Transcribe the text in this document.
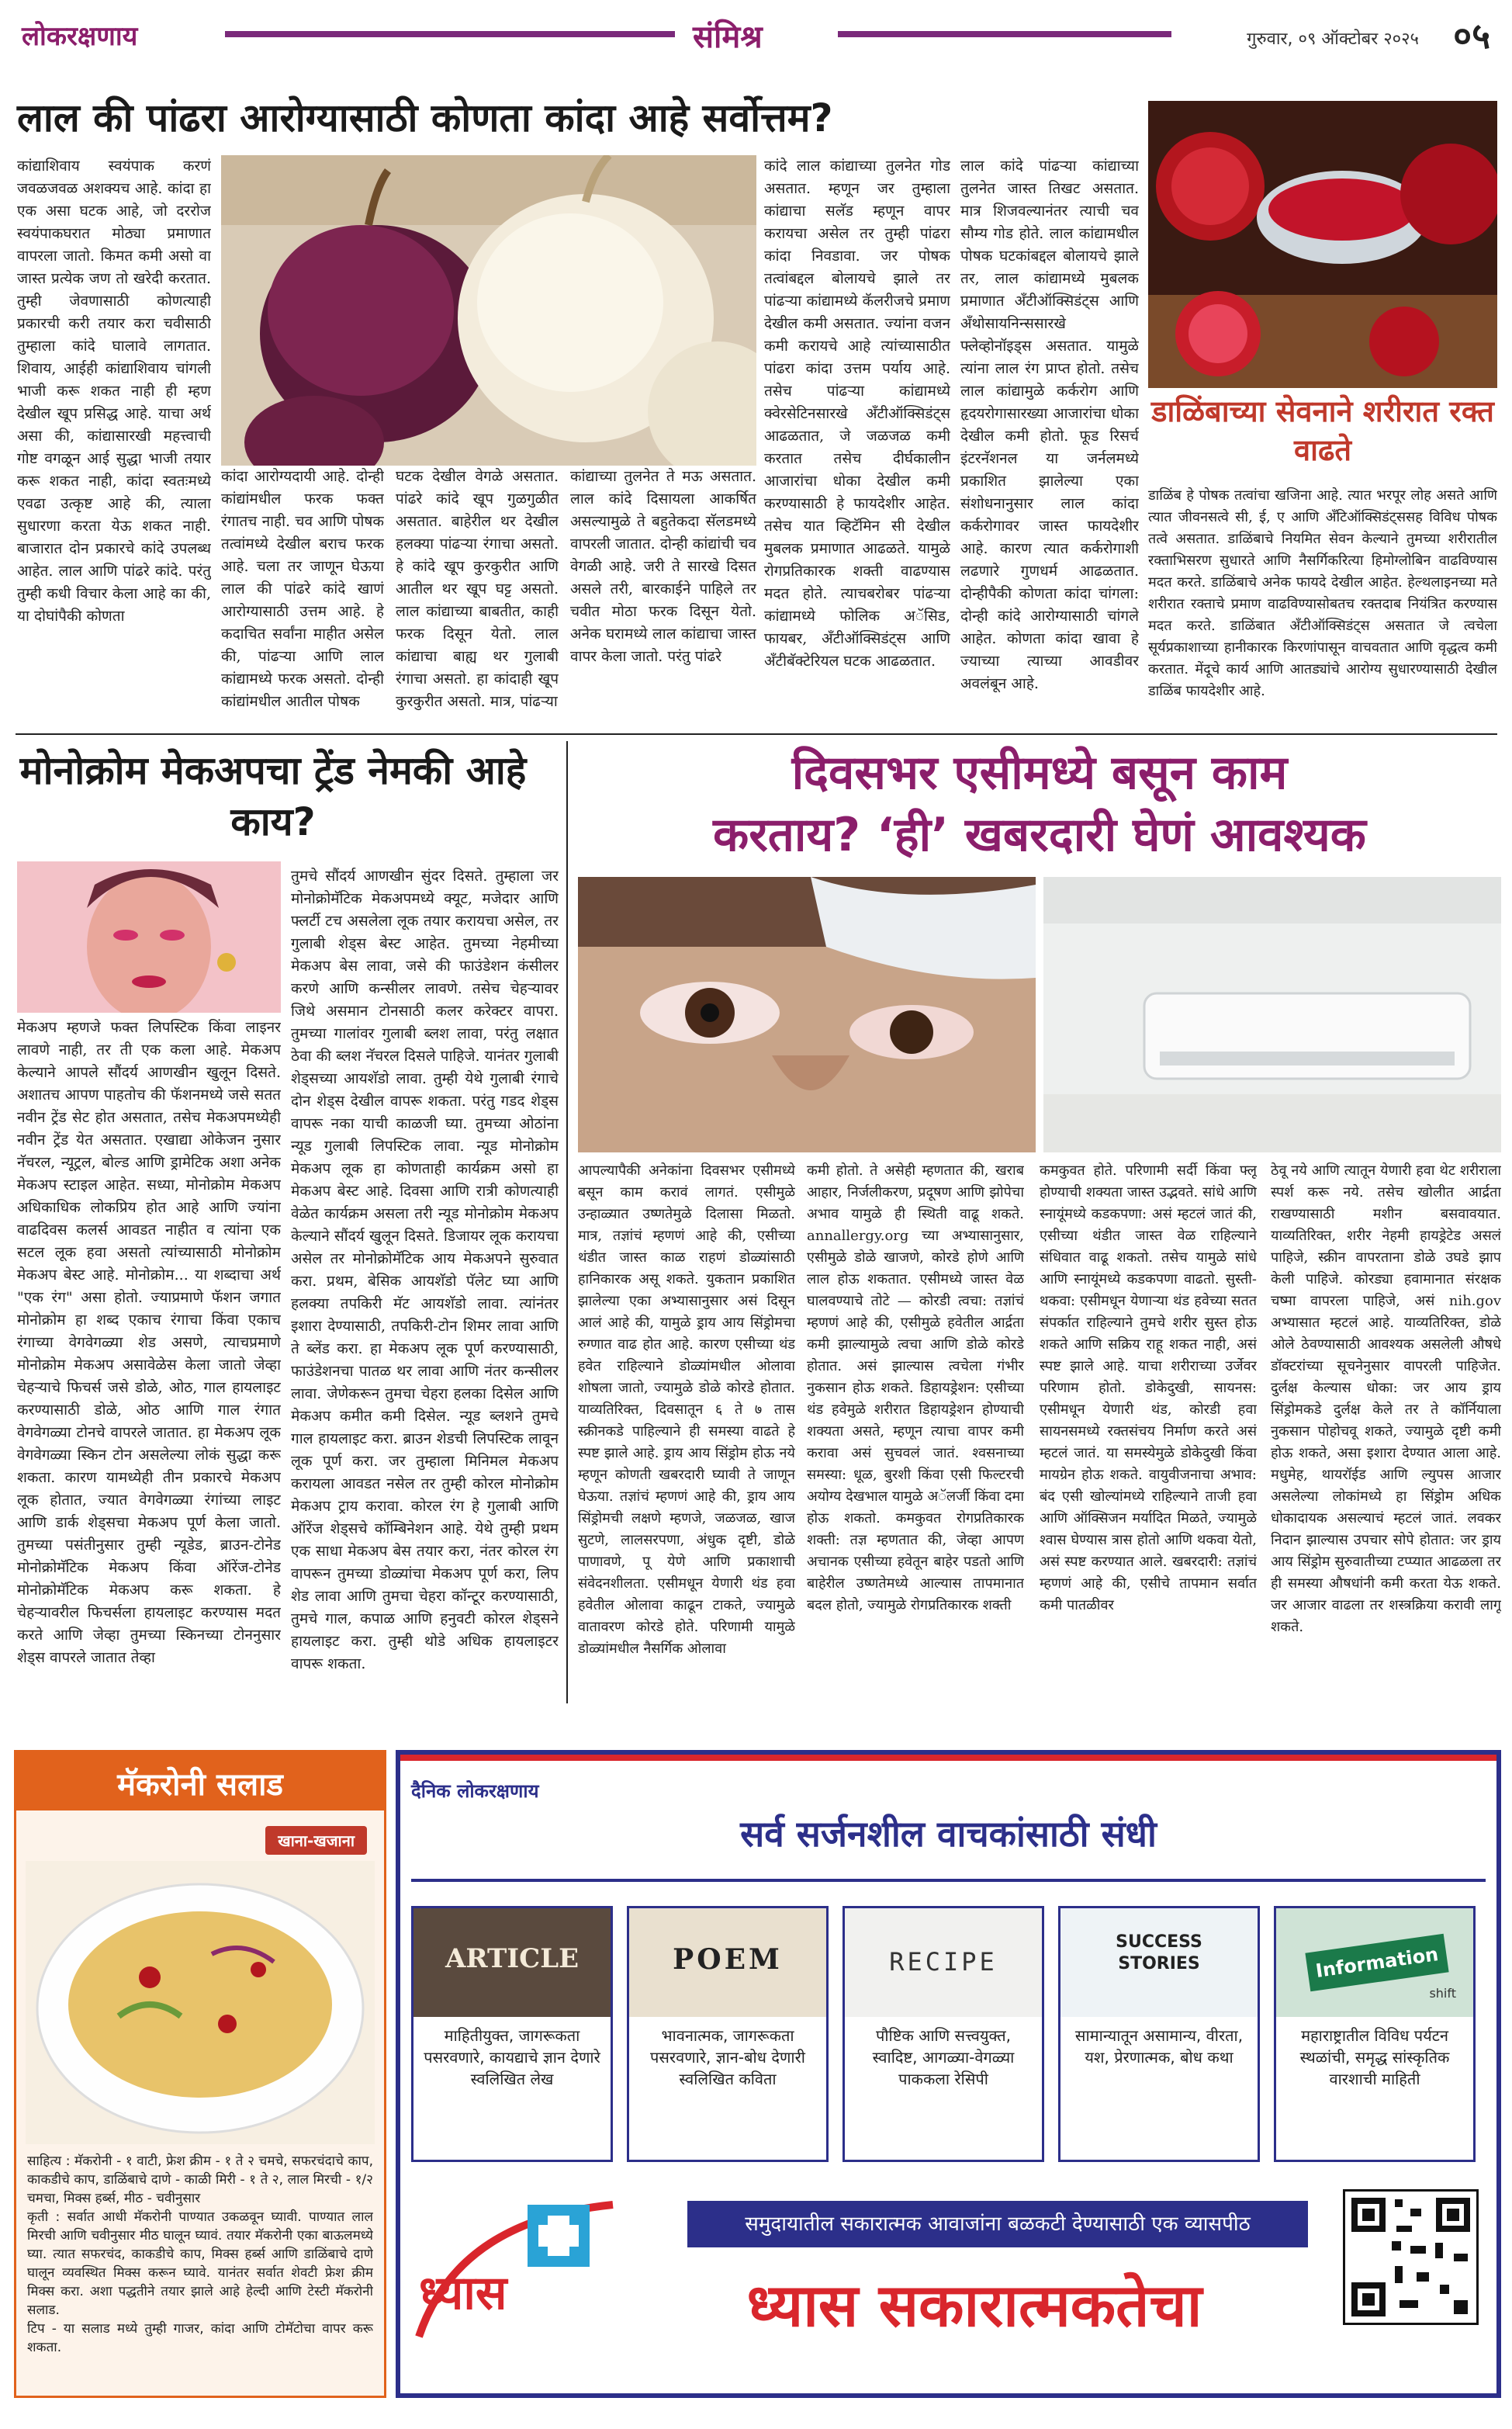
लोकरक्षणाय	संमिश्र	गुरुवार, ०९ ऑक्टोबर २०२५ ०५
लाल की पांढरा आरोग्यासाठी कोणता कांदा आहे सर्वोत्तम?
कांद्याशिवाय स्वयंपाक करणं जवळजवळ अशक्यच आहे. कांदा हा एक असा घटक आहे, जो दररोज स्वयंपाकघरात मोठ्या प्रमाणात वापरला जातो. किमत कमी असो वा जास्त प्रत्येक जण तो खरेदी करतात. तुम्ही जेवणासाठी कोणत्याही प्रकारची करी तयार करा चवीसाठी तुम्हाला कांदे घालावे लागतात. शिवाय, आईही कांद्याशिवाय चांगली भाजी करू शकत नाही ही म्हण देखील खूप प्रसिद्ध आहे. याचा अर्थ असा की, कांद्यासारखी महत्त्वाची गोष्ट वगळून आई सुद्धा भाजी तयार करू शकत नाही, कांदा स्वतःमध्ये एवढा उत्कृष्ट आहे की, त्याला सुधारणा करता येऊ शकत नाही. बाजारात दोन प्रकारचे कांदे उपलब्ध आहेत. लाल आणि पांढरे कांदे. परंतु तुम्ही कधी विचार केला आहे का की, या दोघांपैकी कोणता
कांदा आरोग्यदायी आहे. दोन्ही कांद्यांमधील फरक फक्त रंगातच नाही. चव आणि पोषक तत्वांमध्ये देखील बराच फरक आहे. चला तर जाणून घेऊया लाल की पांढरे कांदे खाणं आरोग्यासाठी उत्तम आहे. हे कदाचित सर्वांना माहीत असेल की, पांढऱ्या आणि लाल कांद्यामध्ये फरक असतो. दोन्ही कांद्यांमधील आतील पोषक
घटक देखील वेगळे असतात. पांढरे कांदे खूप गुळगुळीत असतात. बाहेरील थर देखील हलक्या पांढऱ्या रंगाचा असतो. हे कांदे खूप कुरकुरीत आणि आतील थर खूप घट्ट असतो. लाल कांद्याच्या बाबतीत, काही फरक दिसून येतो. लाल कांद्याचा बाह्य थर गुलाबी रंगाचा असतो. हा कांदाही खूप कुरकुरीत असतो. मात्र, पांढऱ्या
कांद्याच्या तुलनेत ते मऊ असतात. लाल कांदे दिसायला आकर्षित असल्यामुळे ते बहुतेकदा सॅलडमध्ये वापरली जातात. दोन्ही कांद्यांची चव वेगळी आहे. जरी ते सारखे दिसत असले तरी, बारकाईने पाहिले तर चवीत मोठा फरक दिसून येतो. अनेक घरामध्ये लाल कांद्याचा जास्त वापर केला जातो. परंतु पांढरे
कांदे लाल कांद्याच्या तुलनेत गोड असतात. म्हणून जर तुम्हाला कांद्याचा सलॅड म्हणून वापर करायचा असेल तर तुम्ही पांढरा कांदा निवडावा. जर पोषक तत्वांबद्दल बोलायचे झाले तर पांढऱ्या कांद्यामध्ये कॅलरीजचे प्रमाण देखील कमी असतात. ज्यांना वजन कमी करायचे आहे त्यांच्यासाठीत पांढरा कांदा उत्तम पर्याय आहे. तसेच पांढऱ्या कांद्यामध्ये क्वेरसेटिनसारखे अँटीऑक्सिडंट्स आढळतात, जे जळजळ कमी करतात तसेच दीर्घकालीन आजारांचा धोका देखील कमी करण्यासाठी हे फायदेशीर आहेत. तसेच यात व्हिटॅमिन सी देखील मुबलक प्रमाणात आढळते. यामुळे रोगप्रतिकारक शक्ती वाढण्यास मदत होते. त्याचबरोबर पांढऱ्या कांद्यामध्ये फोलिक अॅसिड, फायबर, अँटीऑक्सिडंट्स आणि अँटीबॅक्टेरियल घटक आढळतात.
लाल कांदे पांढऱ्या कांद्याच्या तुलनेत जास्त तिखट असतात. मात्र शिजवल्यानंतर त्याची चव सौम्य गोड होते. लाल कांद्यामधील पोषक घटकांबद्दल बोलायचे झाले तर, लाल कांद्यामध्ये मुबलक प्रमाणात अँटीऑक्सिडंट्स आणि अँथोसायनिन्ससारखे फ्लेव्होनॉइड्स असतात. यामुळे त्यांना लाल रंग प्राप्त होतो. तसेच लाल कांद्यामुळे कर्करोग आणि हृदयरोगासारख्या आजारांचा धोका देखील कमी होतो. फूड रिसर्च इंटरनॅशनल या जर्नलमध्ये प्रकाशित झालेल्या एका संशोधनानुसार लाल कांदा कर्करोगावर जास्त फायदेशीर आहे. कारण त्यात कर्करोगाशी लढणारे गुणधर्म आढळतात. दोन्हीपैकी कोणता कांदा चांगला: दोन्ही कांदे आरोग्यासाठी चांगले आहेत. कोणता कांदा खावा हे ज्याच्या त्याच्या आवडीवर अवलंबून आहे.
डाळिंबाच्या सेवनाने शरीरात रक्त वाढते
डाळिंब हे पोषक तत्वांचा खजिना आहे. त्यात भरपूर लोह असते आणि त्यात जीवनसत्वे सी, ई, ए आणि अँटिऑक्सिडंट्ससह विविध पोषक तत्वे असतात. डाळिंबाचे नियमित सेवन केल्याने तुमच्या शरीरातील रक्ताभिसरण सुधारते आणि नैसर्गिकरित्या हिमोग्लोबिन वाढविण्यास मदत करते. डाळिंबाचे अनेक फायदे देखील आहेत. हेल्थलाइनच्या मते शरीरात रक्ताचे प्रमाण वाढविण्यासोबतच रक्तदाब नियंत्रित करण्यास मदत करते. डाळिंबात अँटीऑक्सिडंट्स असतात जे त्वचेला सूर्यप्रकाशाच्या हानीकारक किरणांपासून वाचवतात आणि वृद्धत्व कमी करतात. मेंदूचे कार्य आणि आतड्यांचे आरोग्य सुधारण्यासाठी देखील डाळिंब फायदेशीर आहे.
मोनोक्रोम मेकअपचा ट्रेंड नेमकी आहे काय?
मेकअप म्हणजे फक्त लिपस्टिक किंवा लाइनर लावणे नाही, तर ती एक कला आहे. मेकअप केल्याने आपले सौंदर्य आणखीन खुलून दिसते. अशातच आपण पाहतोच की फॅशनमध्ये जसे सतत नवीन ट्रेंड सेट होत असतात, तसेच मेकअपमध्येही नवीन ट्रेंड येत असतात. एखाद्या ओकेजन नुसार नॅचरल, न्यूट्रल, बोल्ड आणि ड्रामेटिक अशा अनेक मेकअप स्टाइल आहेत. सध्या, मोनोक्रोम मेकअप अधिकाधिक लोकप्रिय होत आहे आणि ज्यांना वाढदिवस कलर्स आवडत नाहीत व त्यांना एक सटल लूक हवा असतो त्यांच्यासाठी मोनोक्रोम मेकअप बेस्ट आहे. मोनोक्रोम... या शब्दाचा अर्थ "एक रंग" असा होतो. ज्याप्रमाणे फॅशन जगात मोनोक्रोम हा शब्द एकाच रंगाचा किंवा एकाच रंगाच्या वेगवेगळ्या शेड असणे, त्याचप्रमाणे मोनोक्रोम मेकअप असावेळेस केला जातो जेव्हा चेहऱ्याचे फिचर्स जसे डोळे, ओठ, गाल हायलाइट करण्यासाठी डोळे, ओठ आणि गाल रंगात वेगवेगळ्या टोनचे वापरले जातात. हा मेकअप लूक वेगवेगळ्या स्किन टोन असलेल्या लोकं सुद्धा करू शकता. कारण यामध्येही तीन प्रकारचे मेकअप लूक होतात, ज्यात वेगवेगळ्या रंगांच्या लाइट आणि डार्क शेड्सचा मेकअप पूर्ण केला जातो. तुमच्या पसंतीनुसार तुम्ही न्यूडेड, ब्राउन-टोनेड मोनोक्रोमॅटिक मेकअप किंवा ऑरेंज-टोनेड मोनोक्रोमॅटिक मेकअप करू शकता. हे चेहऱ्यावरील फिचर्सला हायलाइट करण्यास मदत करते आणि जेव्हा तुमच्या स्किनच्या टोननुसार शेड्स वापरले जातात तेव्हा
तुमचे सौंदर्य आणखीन सुंदर दिसते. तुम्हाला जर मोनोक्रोमॅटिक मेकअपमध्ये क्यूट, मजेदार आणि फ्लर्टी टच असलेला लूक तयार करायचा असेल, तर गुलाबी शेड्स बेस्ट आहेत. तुमच्या नेहमीच्या मेकअप बेस लावा, जसे की फाउंडेशन कंसीलर करणे आणि कन्सीलर लावणे. तसेच चेहऱ्यावर जिथे असमान टोनसाठी कलर करेक्टर वापरा. तुमच्या गालांवर गुलाबी ब्लश लावा, परंतु लक्षात ठेवा की ब्लश नॅचरल दिसले पाहिजे. यानंतर गुलाबी शेड्सच्या आयशॅडो लावा. तुम्ही येथे गुलाबी रंगाचे दोन शेड्स देखील वापरू शकता. परंतु गडद शेड्स वापरू नका याची काळजी घ्या. तुमच्या ओठांना न्यूड गुलाबी लिपस्टिक लावा. न्यूड मोनोक्रोम मेकअप लूक हा कोणताही कार्यक्रम असो हा मेकअप बेस्ट आहे. दिवसा आणि रात्री कोणत्याही वेळेत कार्यक्रम असला तरी न्यूड मोनोक्रोम मेकअप केल्याने सौंदर्य खुलून दिसते. डिजायर लूक करायचा असेल तर मोनोक्रोमॅटिक आय मेकअपने सुरुवात करा. प्रथम, बेसिक आयशॅडो पॅलेट घ्या आणि हलक्या तपकिरी मॅट आयशॅडो लावा. त्यांनंतर इशारा देण्यासाठी, तपकिरी-टोन शिमर लावा आणि ते ब्लेंड करा. हा मेकअप लूक पूर्ण करण्यासाठी, फाउंडेशनचा पातळ थर लावा आणि नंतर कन्सीलर लावा. जेणेकरून तुमचा चेहरा हलका दिसेल आणि मेकअप कमीत कमी दिसेल. न्यूड ब्लशने तुमचे गाल हायलाइट करा. ब्राउन शेडची लिपस्टिक लावून लूक पूर्ण करा. जर तुम्हाला मिनिमल मेकअप करायला आवडत नसेल तर तुम्ही कोरल मोनोक्रोम मेकअप ट्राय करावा. कोरल रंग हे गुलाबी आणि ऑरेंज शेड्सचे कॉम्बिनेशन आहे. येथे तुम्ही प्रथम एक साधा मेकअप बेस तयार करा, नंतर कोरल रंग वापरून तुमच्या डोळ्यांचा मेकअप पूर्ण करा, लिप शेड लावा आणि तुमचा चेहरा कॉन्टूर करण्यासाठी, तुमचे गाल, कपाळ आणि हनुवटी कोरल शेड्सने हायलाइट करा. तुम्ही थोडे अधिक हायलाइटर वापरू शकता.
दिवसभर एसीमध्ये बसून काम
करताय? ‘ही’ खबरदारी घेणं आवश्यक
आपल्यापैकी अनेकांना दिवसभर एसीमध्ये बसून काम करावं लागतं. एसीमुळे उन्हाळ्यात उष्णतेमुळे दिलासा मिळतो. मात्र, तज्ञांचं म्हणणं आहे की, एसीच्या थंडीत जास्त काळ राहणं डोळ्यांसाठी हानिकारक असू शकते. युकतान प्रकाशित झालेल्या एका अभ्यासानुसार असं दिसून आलं आहे की, यामुळे ड्राय आय सिंड्रोमचा रुग्णात वाढ होत आहे. कारण एसीच्या थंड हवेत राहिल्याने डोळ्यांमधील ओलावा शोषला जातो, ज्यामुळे डोळे कोरडे होतात. याव्यतिरिक्त, दिवसातून ६ ते ७ तास स्क्रीनकडे पाहिल्याने ही समस्या वाढते हे स्पष्ट झाले आहे. ड्राय आय सिंड्रोम होऊ नये म्हणून कोणती खबरदारी घ्यावी ते जाणून घेऊया. तज्ञांचं म्हणणं आहे की, ड्राय आय सिंड्रोमची लक्षणे म्हणजे, जळजळ, खाज सुटणे, लालसरपणा, अंधुक दृष्टी, डोळे पाणावणे, पू येणे आणि प्रकाशाची संवेदनशीलता. एसीमधून येणारी थंड हवा हवेतील ओलावा काढून टाकते, ज्यामुळे वातावरण कोरडे होते. परिणामी यामुळे डोळ्यांमधील नैसर्गिक ओलावा
कमी होतो. ते असेही म्हणतात की, खराब आहार, निर्जलीकरण, प्रदूषण आणि झोपेचा अभाव यामुळे ही स्थिती वाढू शकते. annallergy.org च्या अभ्यासानुसार, एसीमुळे डोळे खाजणे, कोरडे होणे आणि लाल होऊ शकतात. एसीमध्ये जास्त वेळ घालवण्याचे तोटे — कोरडी त्वचा: तज्ञांचं म्हणणं आहे की, एसीमुळे हवेतील आर्द्रता कमी झाल्यामुळे त्वचा आणि डोळे कोरडे होतात. असं झाल्यास त्वचेला गंभीर नुकसान होऊ शकते. डिहायड्रेशन: एसीच्या थंड हवेमुळे शरीरात डिहायड्रेशन होण्याची शक्यता असते, म्हणून त्याचा वापर कमी करावा असं सुचवलं जातं. श्वसनाच्या समस्या: धूळ, बुरशी किंवा एसी फिल्टरची अयोग्य देखभाल यामुळे अॅलर्जी किंवा दमा होऊ शकतो. कमकुवत रोगप्रतिकारक शक्ती: तज्ञ म्हणतात की, जेव्हा आपण अचानक एसीच्या हवेतून बाहेर पडतो आणि बाहेरील उष्णतेमध्ये आल्यास तापमानात बदल होतो, ज्यामुळे रोगप्रतिकारक शक्ती
कमकुवत होते. परिणामी सर्दी किंवा फ्लू होण्याची शक्यता जास्त उद्भवते. सांधे आणि स्नायूंमध्ये कडकपणा: असं म्हटलं जातं की, एसीच्या थंडीत जास्त वेळ राहिल्याने संधिवात वाढू शकतो. तसेच यामुळे सांधे आणि स्नायूंमध्ये कडकपणा वाढतो. सुस्ती-थकवा: एसीमधून येणाऱ्या थंड हवेच्या सतत संपर्कात राहिल्याने तुमचे शरीर सुस्त होऊ शकते आणि सक्रिय राहू शकत नाही, असं स्पष्ट झाले आहे. याचा शरीराच्या उर्जेवर परिणाम होतो. डोकेदुखी, सायनस: एसीमधून येणारी थंड, कोरडी हवा सायनसमध्ये रक्तसंचय निर्माण करते असं म्हटलं जातं. या समस्येमुळे डोकेदुखी किंवा मायग्रेन होऊ शकते. वायुवीजनाचा अभाव: बंद एसी खोल्यांमध्ये राहिल्याने ताजी हवा आणि ऑक्सिजन मर्यादित मिळते, ज्यामुळे श्वास घेण्यास त्रास होतो आणि थकवा येतो, असं स्पष्ट करण्यात आले. खबरदारी: तज्ञांचं म्हणणं आहे की, एसीचे तापमान सर्वात कमी पातळीवर
ठेवू नये आणि त्यातून येणारी हवा थेट शरीराला स्पर्श करू नये. तसेच खोलीत आर्द्रता राखण्यासाठी मशीन बसवावयात. याव्यतिरिक्त, शरीर नेहमी हायड्रेटेड असलं पाहिजे, स्क्रीन वापरताना डोळे उघडे झाप केली पाहिजे. कोरड्या हवामानात संरक्षक चष्मा वापरला पाहिजे, असं nih.gov अभ्यासात म्हटलं आहे. याव्यतिरिक्त, डोळे ओले ठेवण्यासाठी आवश्यक असलेली औषधे डॉक्टरांच्या सूचनेनुसार वापरली पाहिजेत. दुर्लक्ष केल्यास धोका: जर आय ड्राय सिंड्रोमकडे दुर्लक्ष केले तर ते कॉर्नियाला नुकसान पोहोचवू शकते, ज्यामुळे दृष्टी कमी होऊ शकते, असा इशारा देण्यात आला आहे. मधुमेह, थायरॉईड आणि ल्युपस आजार असलेल्या लोकांमध्ये हा सिंड्रोम अधिक धोकादायक असल्याचं म्हटलं जातं. लवकर निदान झाल्यास उपचार सोपे होतात: जर ड्राय आय सिंड्रोम सुरुवातीच्या टप्प्यात आढळला तर ही समस्या औषधांनी कमी करता येऊ शकते. जर आजार वाढला तर शस्त्रक्रिया करावी लागू शकते.
मॅकरोनी सलाड
खाना-खजाना
साहित्य : मॅकरोनी - १ वाटी, फ्रेश क्रीम - १ ते २ चमचे, सफरचंदाचे काप, काकडीचे काप, डाळिंबाचे दाणे - काळी मिरी - १ ते २, लाल मिरची - १/२ चमचा, मिक्स हर्ब्स, मीठ - चवीनुसार
कृती : सर्वात आधी मॅकरोनी पाण्यात उकळवून घ्यावी. पाण्यात लाल मिरची आणि चवीनुसार मीठ घालून घ्यावं. तयार मॅकरोनी एका बाऊलमध्ये घ्या. त्यात सफरचंद, काकडीचे काप, मिक्स हर्ब्स आणि डाळिंबाचे दाणे घालून व्यवस्थित मिक्स करून घ्यावे. यानंतर सर्वात शेवटी फ्रेश क्रीम मिक्स करा. अशा पद्धतीने तयार झाले आहे हेल्दी आणि टेस्टी मॅकरोनी सलाड.
टिप - या सलाड मध्ये तुम्ही गाजर, कांदा आणि टोमॅटोचा वापर करू शकता.
दैनिक लोकरक्षणाय
सर्व सर्जनशील वाचकांसाठी संधी
ARTICLE
माहितीयुक्त, जागरूकता पसरवणारे, कायद्याचे ज्ञान देणारे स्वलिखित लेख
POEM
भावनात्मक, जागरूकता पसरवणारे, ज्ञान-बोध देणारी स्वलिखित कविता
RECIPE
पौष्टिक आणि सत्त्वयुक्त, स्वादिष्ट, आगळ्या-वेगळ्या पाककला रेसिपी
SUCCESS STORIES
सामान्यातून असामान्य, वीरता, यश, प्रेरणात्मक, बोध कथा
Information
shift
महाराष्ट्रातील विविध पर्यटन स्थळांची, समृद्ध सांस्कृतिक वारशाची माहिती
ध्यास
समुदायातील सकारात्मक आवाजांना बळकटी देण्यासाठी एक व्यासपीठ
ध्यास सकारात्मकतेचा
